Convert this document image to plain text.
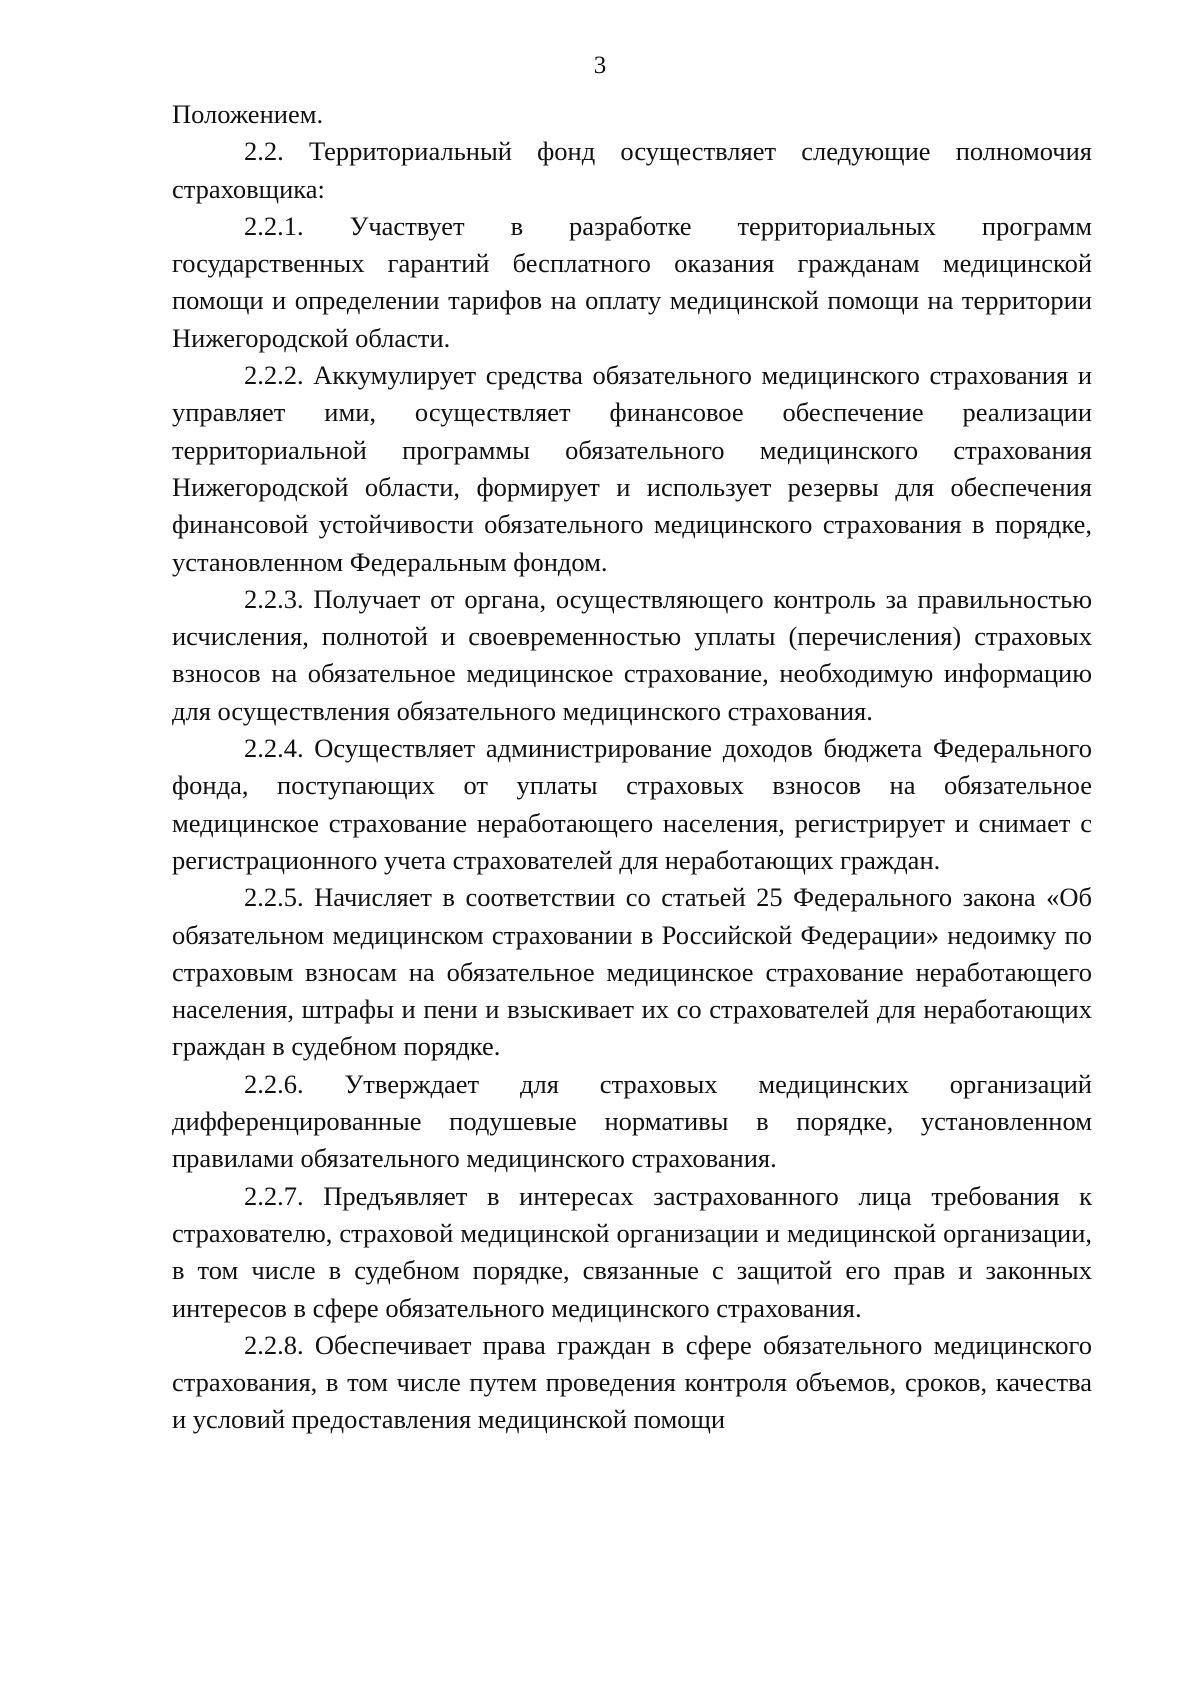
3

Положением.

2.2. Территориальный фонд осуществляет следующие полномочия страховщика:

2.2.1. Участвует в разработке территориальных программ государственных гарантий бесплатного оказания гражданам медицинской помощи и определении тарифов на оплату медицинской помощи на территории Нижегородской области.

2.2.2. Аккумулирует средства обязательного медицинского страхования и управляет ими, осуществляет финансовое обеспечение реализации территориальной программы обязательного медицинского страхования Нижегородской области, формирует и использует резервы для обеспечения финансовой устойчивости обязательного медицинского страхования в порядке, установленном Федеральным фондом.

2.2.3. Получает от органа, осуществляющего контроль за правильностью исчисления, полнотой и своевременностью уплаты (перечисления) страховых взносов на обязательное медицинское страхование, необходимую информацию для осуществления обязательного медицинского страхования.

2.2.4. Осуществляет администрирование доходов бюджета Федерального фонда, поступающих от уплаты страховых взносов на обязательное медицинское страхование неработающего населения, регистрирует и снимает с регистрационного учета страхователей для неработающих граждан.

2.2.5. Начисляет в соответствии со статьей 25 Федерального закона «Об обязательном медицинском страховании в Российской Федерации» недоимку по страховым взносам на обязательное медицинское страхование неработающего населения, штрафы и пени и взыскивает их со страхователей для неработающих граждан в судебном порядке.

2.2.6. Утверждает для страховых медицинских организаций дифференцированные подушевые нормативы в порядке, установленном правилами обязательного медицинского страхования.

2.2.7. Предъявляет в интересах застрахованного лица требования к страхователю, страховой медицинской организации и медицинской организации, в том числе в судебном порядке, связанные с защитой его прав и законных интересов в сфере обязательного медицинского страхования.

2.2.8. Обеспечивает права граждан в сфере обязательного медицинского страхования, в том числе путем проведения контроля объемов, сроков, качества и условий предоставления медицинской помощи
